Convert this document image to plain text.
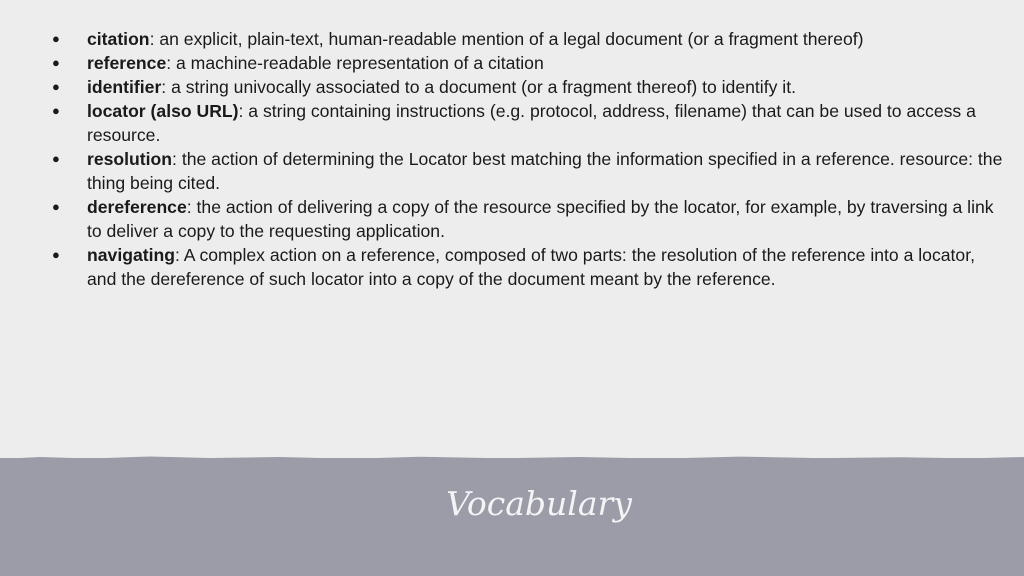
●	citation: an explicit, plain-text, human-readable mention of a legal document (or a fragment thereof)
●	reference: a machine-readable representation of a citation
●	identifier: a string univocally associated to a document (or a fragment thereof) to identify it.
●	locator (also URL): a string containing instructions (e.g. protocol, address, filename) that can be used to access a resource.
●	resolution: the action of determining the Locator best matching the information specified in a reference. resource: the thing being cited.
●	dereference: the action of delivering a copy of the resource specified by the locator, for example, by traversing a link to deliver a copy to the requesting application.
●	navigating: A complex action on a reference, composed of two parts: the resolution of the reference into a locator, and the dereference of such locator into a copy of the document meant by the reference.
Vocabulary
